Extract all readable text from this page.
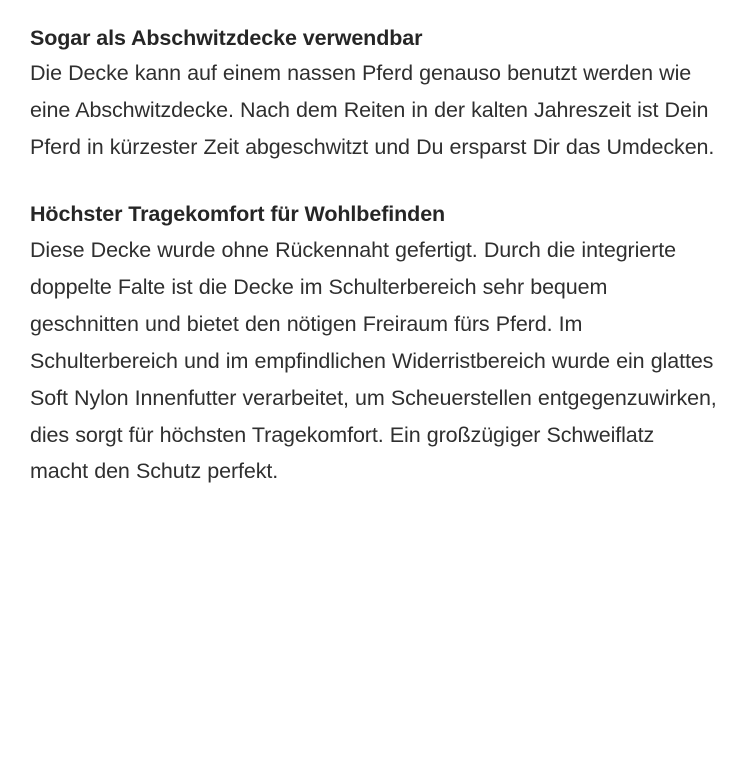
Sogar als Abschwitzdecke verwendbar

Die Decke kann auf einem nassen Pferd genauso benutzt werden wie eine Abschwitzdecke. Nach dem Reiten in der kalten Jahreszeit ist Dein Pferd in kürzester Zeit abgeschwitzt und Du ersparst Dir das Umdecken.

Höchster Tragekomfort für Wohlbefinden

Diese Decke wurde ohne Rückennaht gefertigt. Durch die integrierte doppelte Falte ist die Decke im Schulterbereich sehr bequem geschnitten und bietet den nötigen Freiraum fürs Pferd. Im Schulterbereich und im empfindlichen Widerristbereich wurde ein glattes Soft Nylon Innenfutter verarbeitet, um Scheuerstellen entgegenzuwirken, dies sorgt für höchsten Tragekomfort. Ein großzügiger Schweiflatz macht den Schutz perfekt.
